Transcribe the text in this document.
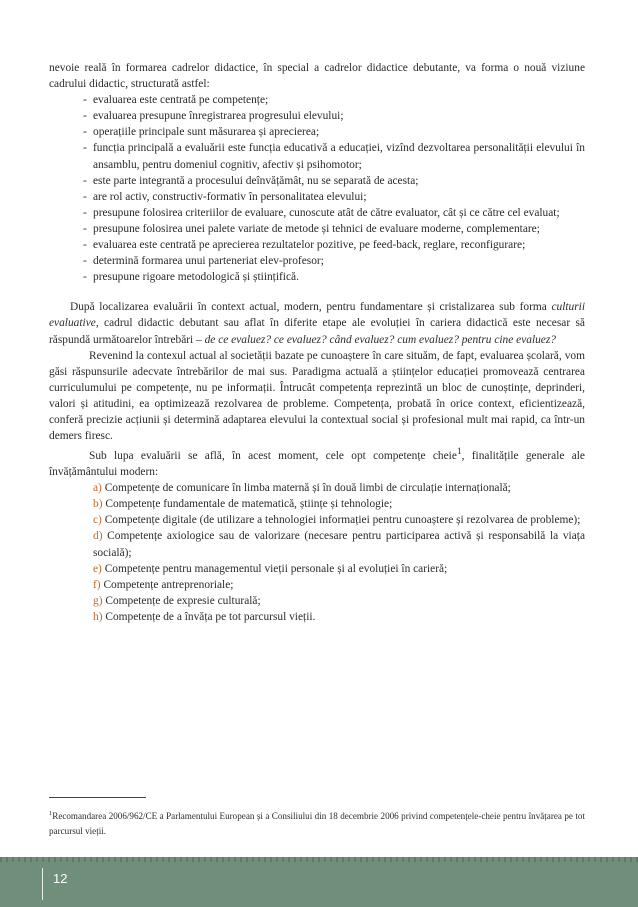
nevoie reală în formarea cadrelor didactice, în special a cadrelor didactice debutante, va forma o nouă viziune cadrului didactic, structurată astfel:

- evaluarea este centrată pe competențe;
- evaluarea presupune înregistrarea progresului elevului;
- operațiile principale sunt măsurarea și aprecierea;
- funcția principală a evaluării este funcția educativă a educației, vizînd dezvoltarea personalității elevului în ansamblu, pentru domeniul cognitiv, afectiv și psihomotor;
- este parte integrantă a procesului deînvățămât, nu se separată de acesta;
- are rol activ, constructiv-formativ în personalitatea elevului;
- presupune folosirea criteriilor de evaluare, cunoscute atât de către evaluator, cât și ce către cel evaluat;
- presupune folosirea unei palete variate de metode și tehnici de evaluare moderne, complementare;
- evaluarea este centrată pe aprecierea rezultatelor pozitive, pe feed-back, reglare, reconfigurare;
- determină formarea unui parteneriat elev-profesor;
- presupune rigoare metodologică și științifică.

După localizarea evaluării în context actual, modern, pentru fundamentare și cristalizarea sub forma culturii evaluative, cadrul didactic debutant sau aflat în diferite etape ale evoluției în cariera didactică este necesar să răspundă următoarelor întrebări – de ce evaluez? ce evaluez? când evaluez? cum evaluez? pentru cine evaluez?

Revenind la contexul actual al societății bazate pe cunoaștere în care situăm, de fapt, evaluarea școlară, vom găsi răspunsurile adecvate întrebărilor de mai sus. Paradigma actuală a științelor educației promovează centrarea curriculumului pe competențe, nu pe informații. Întrucât competența reprezintă un bloc de cunoștințe, deprinderi, valori și atitudini, ea optimizează rezolvarea de probleme. Competența, probată în orice context, eficientizează, conferă precizie acțiunii și determină adaptarea elevului la contextual social și profesional mult mai rapid, ca într-un demers firesc.

Sub lupa evaluării se află, în acest moment, cele opt competențe cheie$^1$, finalitățile generale ale învățământului modern:

a) Competențe de comunicare în limba maternă și în două limbi de circulație internațională;
b) Competențe fundamentale de matematică, științe și tehnologie;
c) Competențe digitale (de utilizare a tehnologiei informației pentru cunoaștere și rezolvarea de probleme);
d) Competențe axiologice sau de valorizare (necesare pentru participarea activă și responsabilă la viața socială);
e) Competențe pentru managementul vieții personale și al evoluției în carieră;
f) Competențe antreprenoriale;
g) Competențe de expresie culturală;
h) Competențe de a învăța pe tot parcursul vieții.
$^1$Recomandarea 2006/962/CE a Parlamentului European și a Consiliului din 18 decembrie 2006 privind competențele-cheie pentru învățarea pe tot parcursul vieții.
12
